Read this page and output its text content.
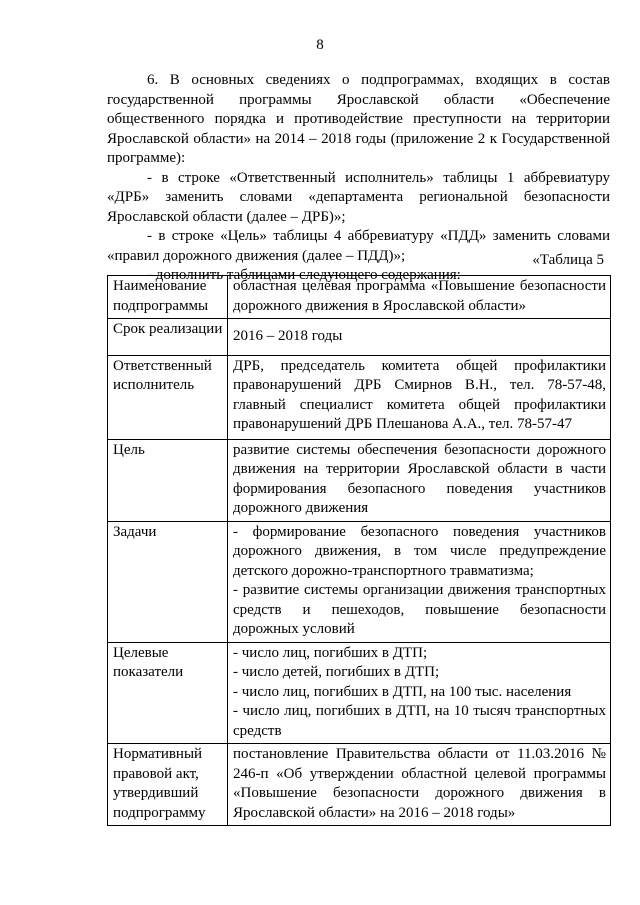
8

6. В основных сведениях о подпрограммах, входящих в состав государственной программы Ярославской области «Обеспечение общественного порядка и противодействие преступности на территории Ярославской области» на 2014 – 2018 годы (приложение 2 к Государственной программе):

- в строке «Ответственный исполнитель» таблицы 1 аббревиатуру «ДРБ» заменить словами «департамента региональной безопасности Ярославской области (далее – ДРБ)»;

- в строке «Цель» таблицы 4 аббревиатуру «ПДД» заменить словами «правил дорожного движения (далее – ПДД)»;

- дополнить таблицами следующего содержания:

«Таблица 5
Наименование подпрограммы	областная целевая программа «Повышение безопасности дорожного движения в Ярославской области»
Срок реализации	2016 – 2018 годы
Ответственный исполнитель	ДРБ, председатель комитета общей профилактики правонарушений ДРБ Смирнов В.Н., тел. 78-57-48, главный специалист комитета общей профилактики правонарушений ДРБ Плешанова А.А., тел. 78-57-47
Цель	развитие системы обеспечения безопасности дорожного движения на территории Ярославской области в части формирования безопасного поведения участников дорожного движения
Задачи	- формирование безопасного поведения участников дорожного движения, в том числе предупреждение детского дорожно-транспортного травматизма;
- развитие системы организации движения транспортных средств и пешеходов, повышение безопасности дорожных условий

Целевые показатели	- число лиц, погибших в ДТП;
- число детей, погибших в ДТП;
- число лиц, погибших в ДТП, на 100 тыс. населения
- число лиц, погибших в ДТП, на 10 тысяч транспортных средств

Нормативный правовой акт, утвердивший подпрограмму	постановление Правительства области от 11.03.2016 № 246-п «Об утверждении областной целевой программы «Повышение безопасности дорожного движения в Ярославской области» на 2016 – 2018 годы»
